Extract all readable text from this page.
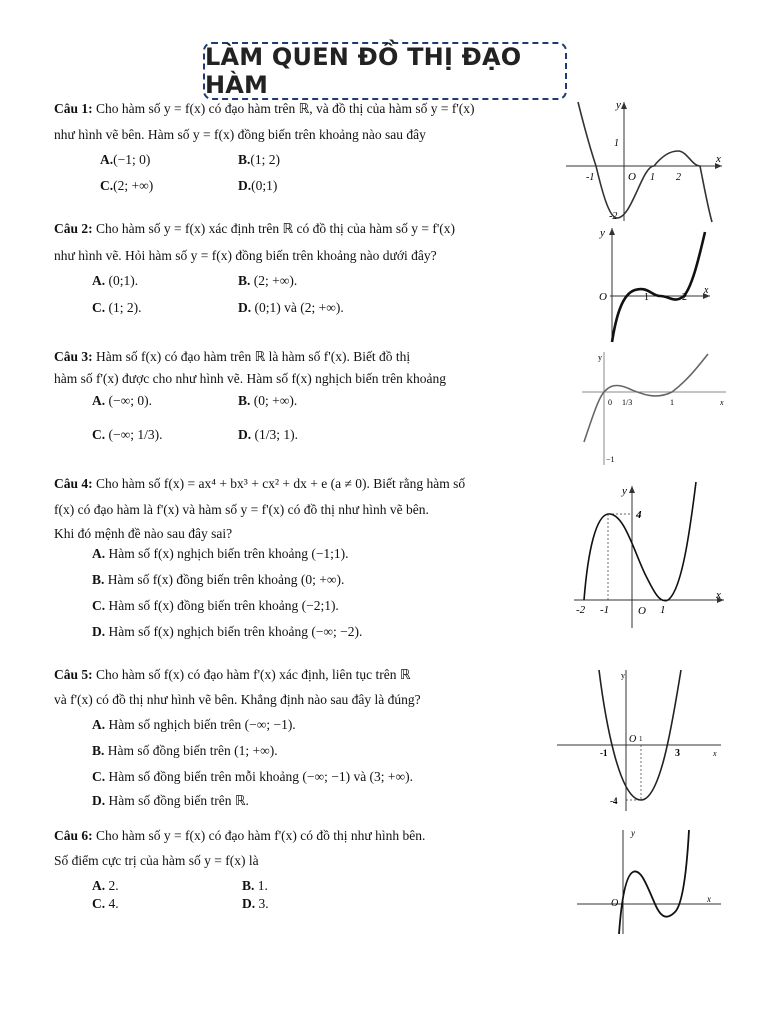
LÀM QUEN ĐỒ THỊ ĐẠO HÀM
Câu 1: Cho hàm số y = f(x) có đạo hàm trên ℝ, và đồ thị của hàm số y = f'(x)
như hình vẽ bên. Hàm số y = f(x) đồng biến trên khoảng nào sau đây
A.(−1; 0)	B.(1; 2)
C.(2; +∞)	D.(0;1)
y
x
O
1
-2
-1	1 2
Câu 2: Cho hàm số y = f(x) xác định trên ℝ có đồ thị của hàm số y = f'(x)
như hình vẽ. Hỏi hàm số y = f(x) đồng biến trên khoảng nào dưới đây?
A. (0;1).	B. (2; +∞).
C. (1; 2).	D. (0;1) và (2; +∞).
y
x
O	1	2
Câu 3: Hàm số f(x) có đạo hàm trên ℝ là hàm số f'(x). Biết đồ thị
hàm số f'(x) được cho như hình vẽ. Hàm số f(x) nghịch biến trên khoảng
A. (−∞; 0).	B. (0; +∞).
C. (−∞; 1/3).	D. (1/3; 1).
y
x
0 1/3	1
−1
Câu 4: Cho hàm số f(x) = ax⁴ + bx³ + cx² + dx + e (a ≠ 0). Biết rằng hàm số
f(x) có đạo hàm là f'(x) và hàm số y = f'(x) có đồ thị như hình vẽ bên.
Khi đó mệnh đề nào sau đây sai?
A. Hàm số f(x) nghịch biến trên khoảng (−1;1).
B. Hàm số f(x) đồng biến trên khoảng (0; +∞).
C. Hàm số f(x) đồng biến trên khoảng (−2;1).
D. Hàm số f(x) nghịch biến trên khoảng (−∞; −2).
y
x
O
4
-2 -1	1
Câu 5: Cho hàm số f(x) có đạo hàm f'(x) xác định, liên tục trên ℝ
và f'(x) có đồ thị như hình vẽ bên. Khẳng định nào sau đây là đúng?
A. Hàm số nghịch biến trên (−∞; −1).
B. Hàm số đồng biến trên (1; +∞).
C. Hàm số đồng biến trên mỗi khoảng (−∞; −1) và (3; +∞).
D. Hàm số đồng biến trên ℝ.
y
x
O 1
-1	3
-4
Câu 6: Cho hàm số y = f(x) có đạo hàm f'(x) có đồ thị như hình bên.
Số điểm cực trị của hàm số y = f(x) là
A. 2.	B. 1.
C. 4.	D. 3.
y
x
O
